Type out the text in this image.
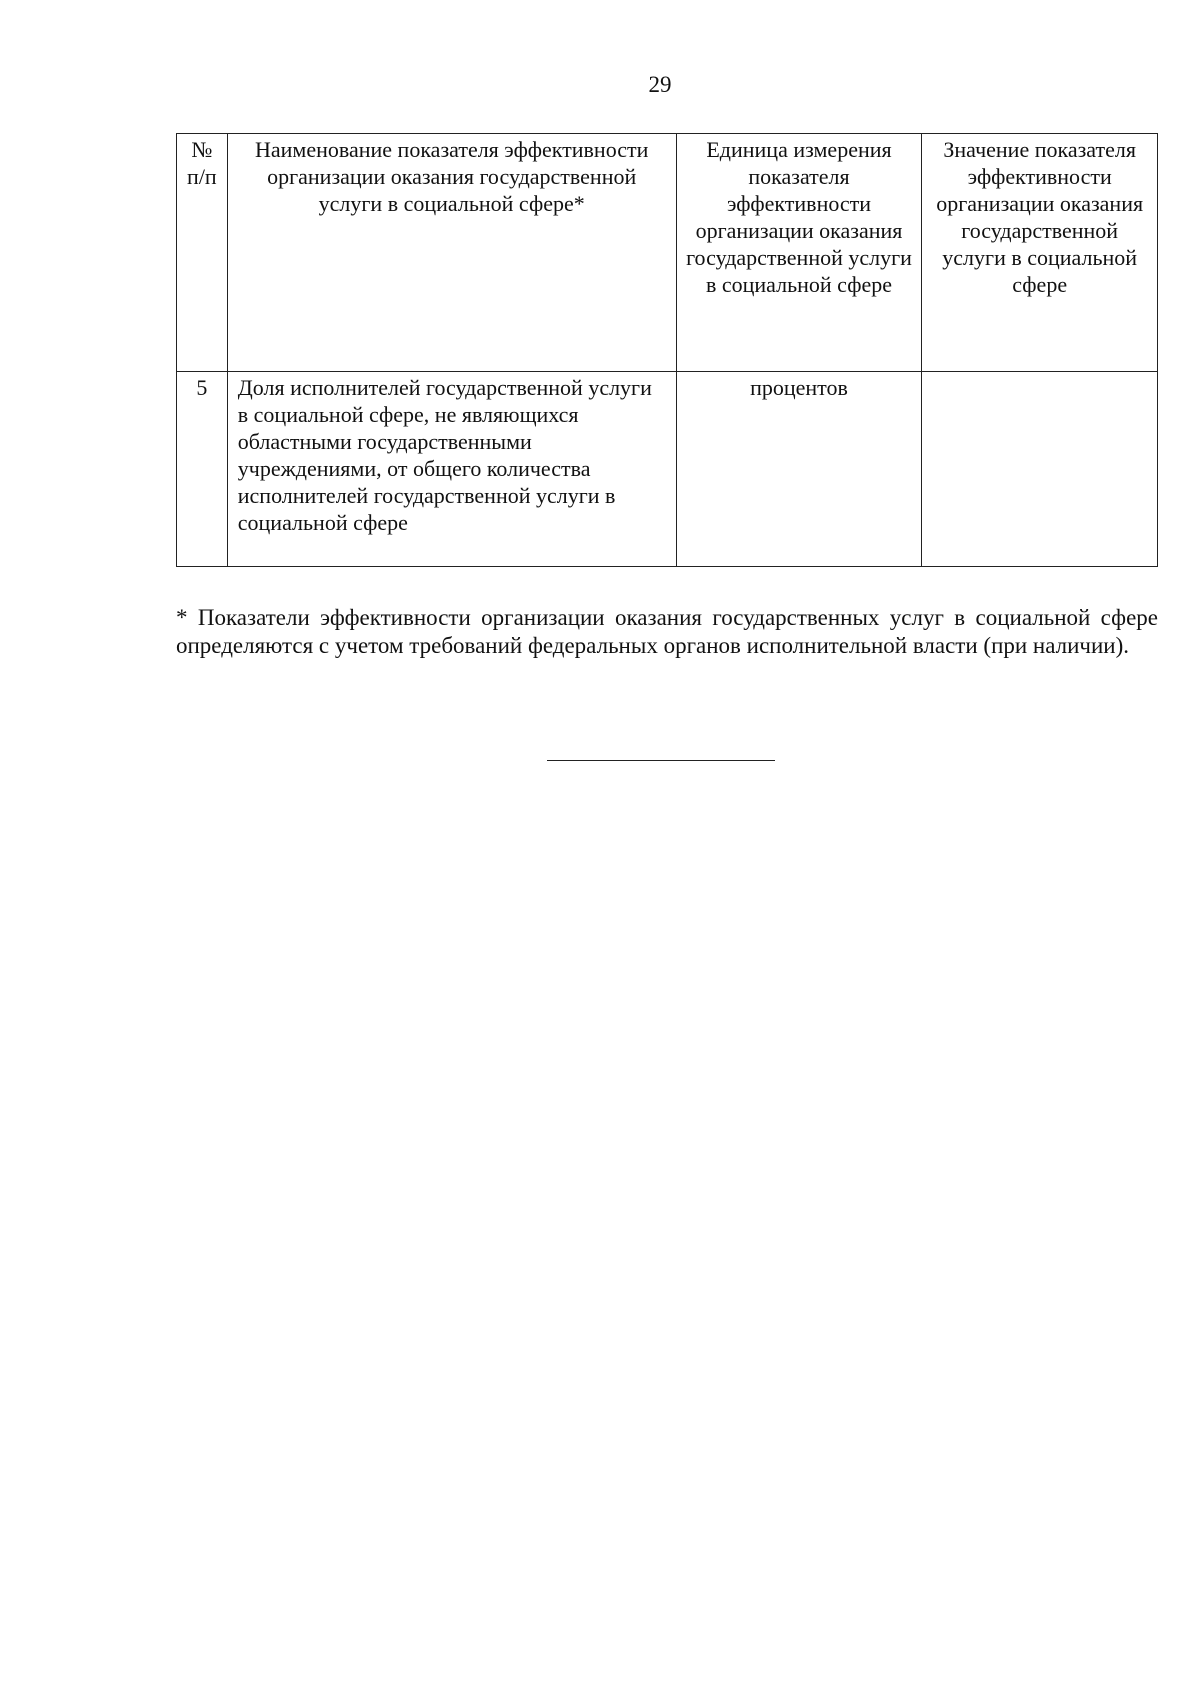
29
№ п/п	Наименование показателя эффективности организации оказания государственной услуги в социальной сфере*	Единица измерения показателя эффективности организации оказания государственной услуги в социальной сфере	Значение показателя эффективности организации оказания государственной услуги в социальной сфере
5	Доля исполнителей государственной услуги в социальной сфере, не являющихся областными государственными учреждениями, от общего количества исполнителей государственной услуги в социальной сфере	процентов	

* Показатели эффективности организации оказания государственных услуг в социальной сфере определяются с учетом требований федеральных органов исполнительной власти (при наличии).
